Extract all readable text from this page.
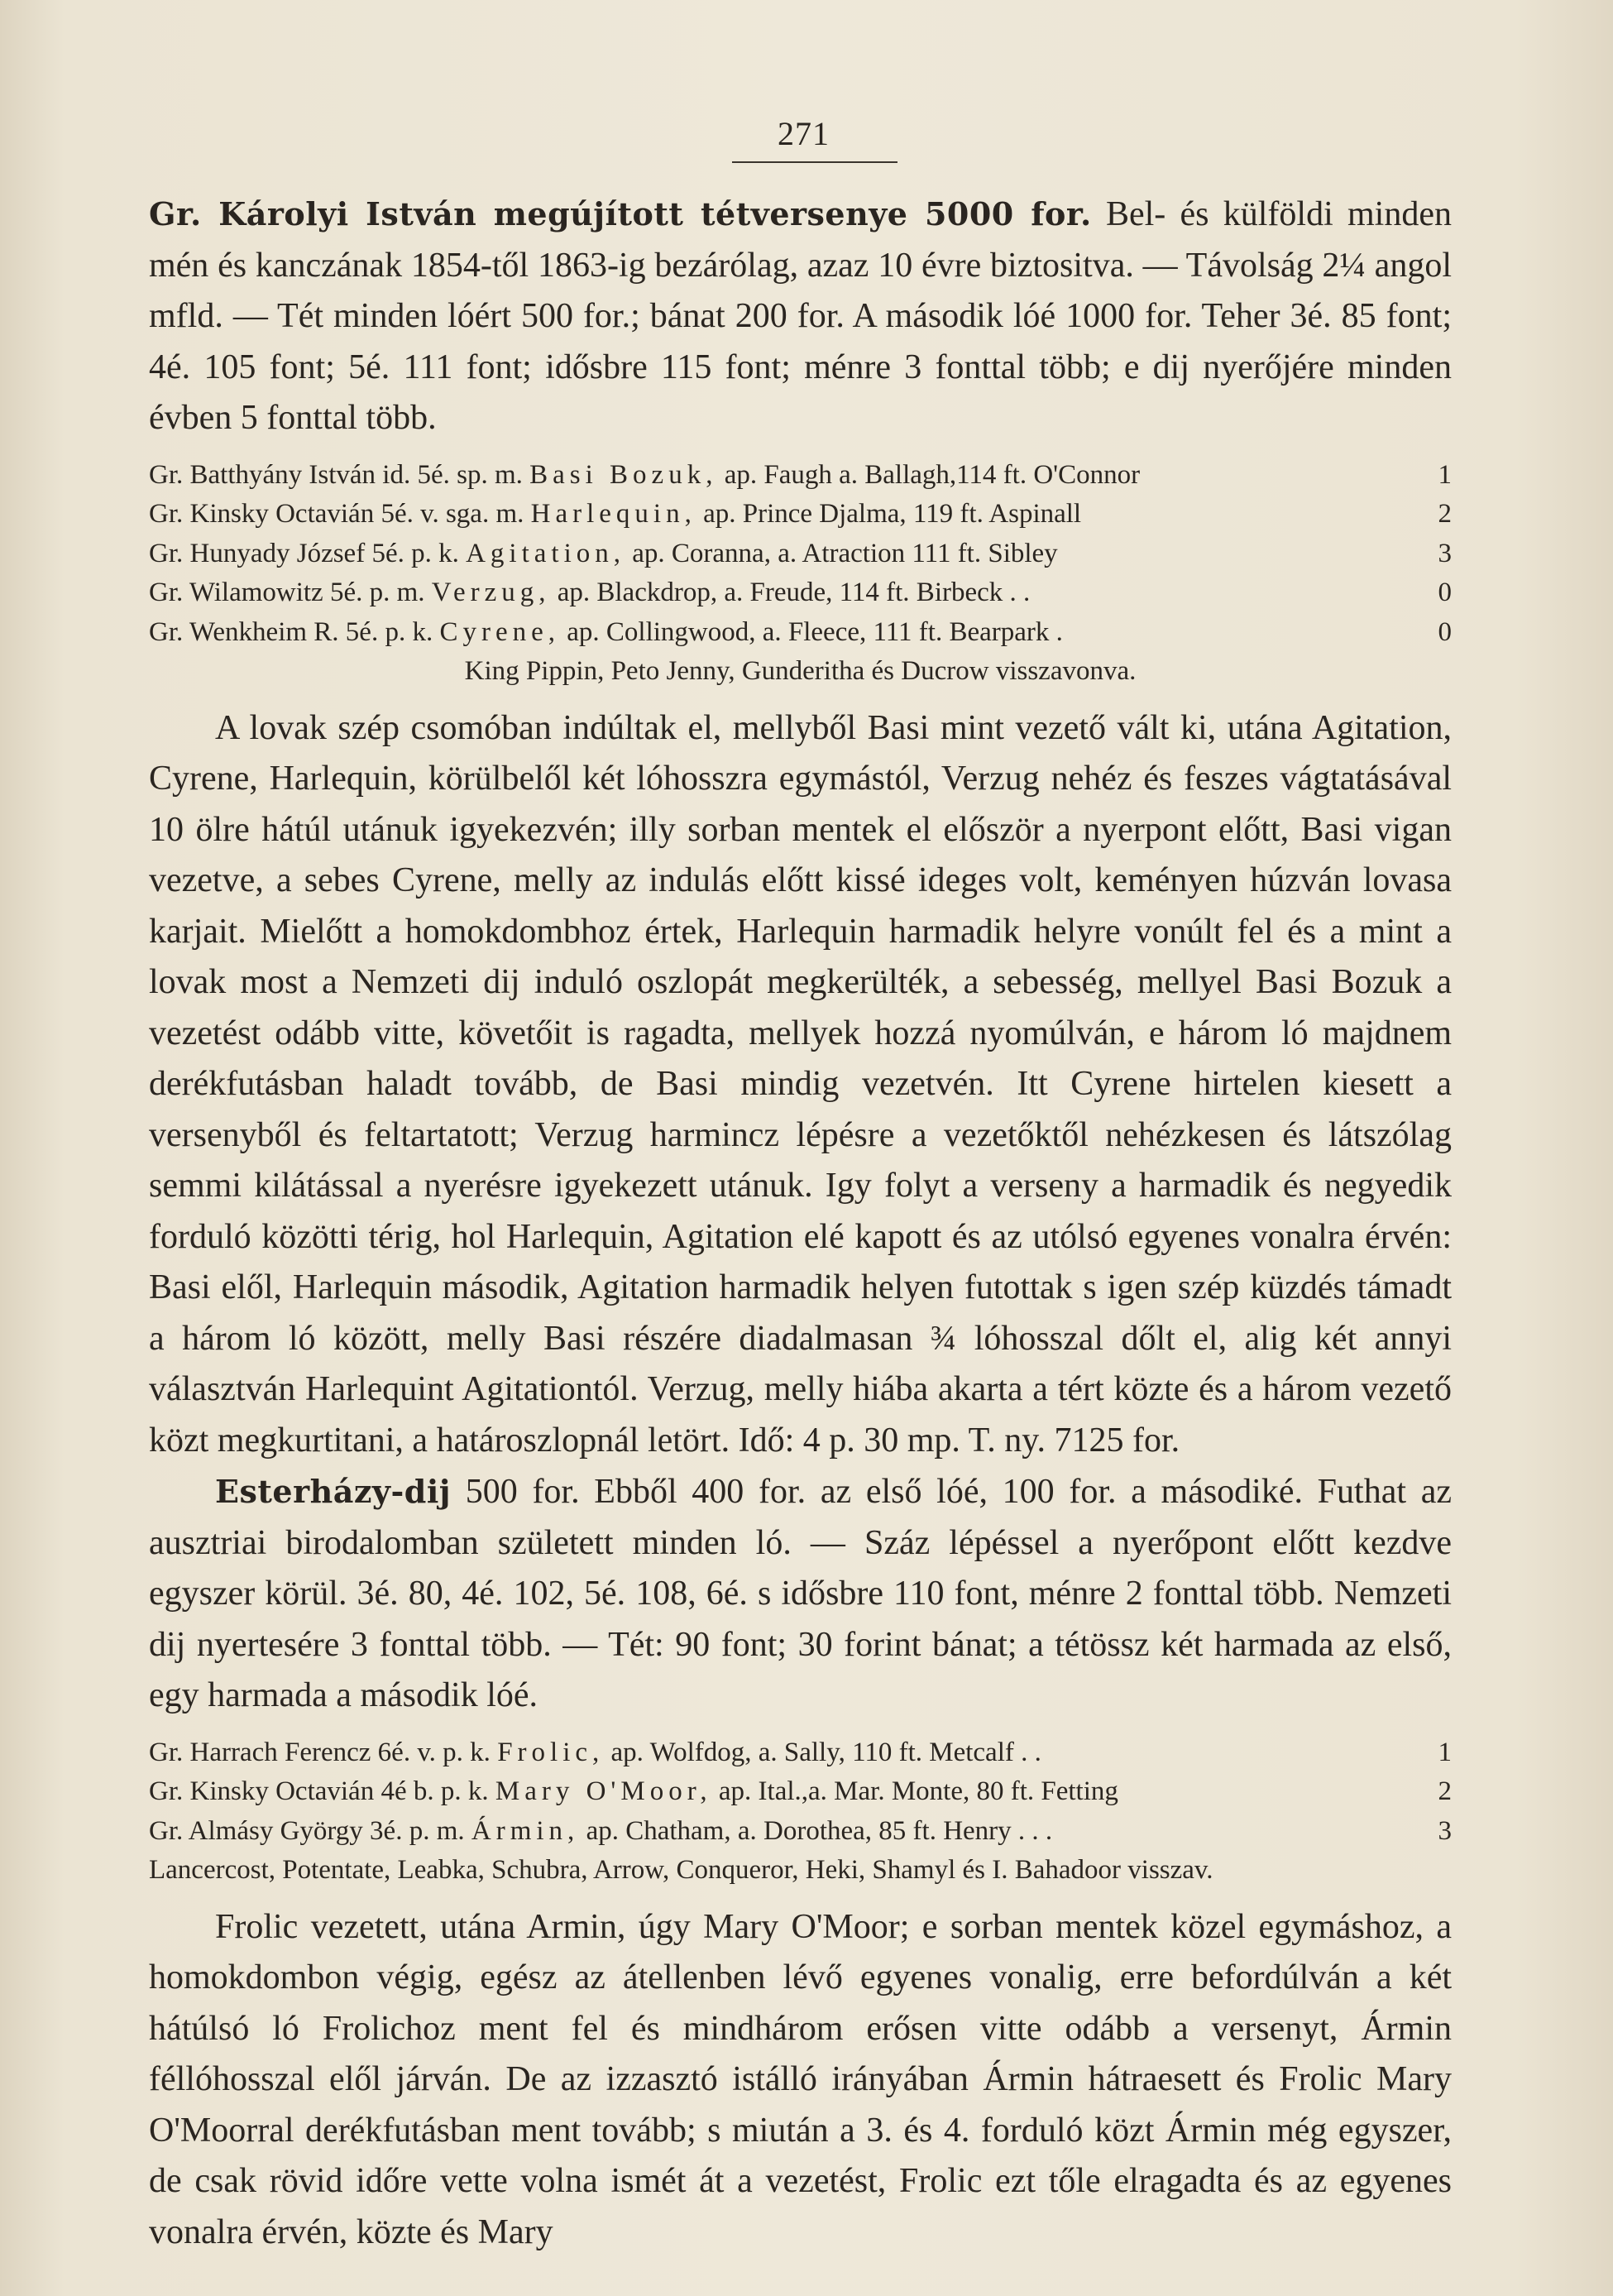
271

Gr. Károlyi István megújított tétversenye 5000 for. Bel- és külföldi minden mén és kanczának 1854-től 1863-ig bezárólag, azaz 10 évre biztositva. — Távolság 2¼ angol mfld. — Tét minden lóért 500 for.; bánat 200 for. A második lóé 1000 for. Teher 3é. 85 font; 4é. 105 font; 5é. 111 font; idősbre 115 font; ménre 3 fonttal több; e dij nyerőjére minden évben 5 fonttal több.

Gr. Batthyány István id. 5é. sp. m. Basi Bozuk, ap. Faugh a. Ballagh,114 ft. O'Connor	1
Gr. Kinsky Octavián 5é. v. sga. m. Harlequin, ap. Prince Djalma, 119 ft. Aspinall	2
Gr. Hunyady József 5é. p. k. Agitation, ap. Coranna, a. Atraction 111 ft. Sibley	3
Gr. Wilamowitz 5é. p. m. Verzug, ap. Blackdrop, a. Freude, 114 ft. Birbeck . .	0
Gr. Wenkheim R. 5é. p. k. Cyrene, ap. Collingwood, a. Fleece, 111 ft. Bearpark .	0
King Pippin, Peto Jenny, Gunderitha és Ducrow visszavonva.

A lovak szép csomóban indúltak el, mellyből Basi mint vezető vált ki, utána Agitation, Cyrene, Harlequin, körülbelől két lóhosszra egymástól, Verzug nehéz és feszes vágtatásával 10 ölre hátúl utánuk igyekezvén; illy sorban mentek el először a nyerpont előtt, Basi vigan vezetve, a sebes Cyrene, melly az indulás előtt kissé ideges volt, keményen húzván lovasa karjait. Mielőtt a homokdombhoz értek, Harlequin harmadik helyre vonúlt fel és a mint a lovak most a Nemzeti dij induló oszlopát megkerülték, a sebesség, mellyel Basi Bozuk a vezetést odább vitte, követőit is ragadta, mellyek hozzá nyomúlván, e három ló majdnem derékfutásban haladt tovább, de Basi mindig vezetvén. Itt Cyrene hirtelen kiesett a versenyből és feltartatott; Verzug harmincz lépésre a vezetőktől nehézkesen és látszólag semmi kilátással a nyerésre igyekezett utánuk. Igy folyt a verseny a harmadik és negyedik forduló közötti térig, hol Harlequin, Agitation elé kapott és az utólsó egyenes vonalra érvén: Basi elől, Harlequin második, Agitation harmadik helyen futottak s igen szép küzdés támadt a három ló között, melly Basi részére diadalmasan ¾ lóhosszal dőlt el, alig két annyi választván Harlequint Agitationtól. Verzug, melly hiába akarta a tért közte és a három vezető közt megkurtitani, a határoszlopnál letört. Idő: 4 p. 30 mp. T. ny. 7125 for.

Esterházy-dij 500 for. Ebből 400 for. az első lóé, 100 for. a másodiké. Futhat az ausztriai birodalomban született minden ló. — Száz lépéssel a nyerőpont előtt kezdve egyszer körül. 3é. 80, 4é. 102, 5é. 108, 6é. s idősbre 110 font, ménre 2 fonttal több. Nemzeti dij nyertesére 3 fonttal több. — Tét: 90 font; 30 forint bánat; a tétössz két harmada az első, egy harmada a második lóé.

Gr. Harrach Ferencz 6é. v. p. k. Frolic, ap. Wolfdog, a. Sally, 110 ft. Metcalf . .	1
Gr. Kinsky Octavián 4é b. p. k. Mary O'Moor, ap. Ital.,a. Mar. Monte, 80 ft. Fetting	2
Gr. Almásy György 3é. p. m. Ármin, ap. Chatham, a. Dorothea, 85 ft. Henry . . .	3
Lancercost, Potentate, Leabka, Schubra, Arrow, Conqueror, Heki, Shamyl és I. Bahadoor visszav.

Frolic vezetett, utána Armin, úgy Mary O'Moor; e sorban mentek közel egymáshoz, a homokdombon végig, egész az átellenben lévő egyenes vonalig, erre befordúlván a két hátúlsó ló Frolichoz ment fel és mindhárom erősen vitte odább a versenyt, Ármin féllóhosszal elől járván. De az izzasztó istálló irányában Ármin hátraesett és Frolic Mary O'Moorral derékfutásban ment tovább; s miután a 3. és 4. forduló közt Ármin még egyszer, de csak rövid időre vette volna ismét át a vezetést, Frolic ezt tőle elragadta és az egyenes vonalra érvén, közte és Mary
